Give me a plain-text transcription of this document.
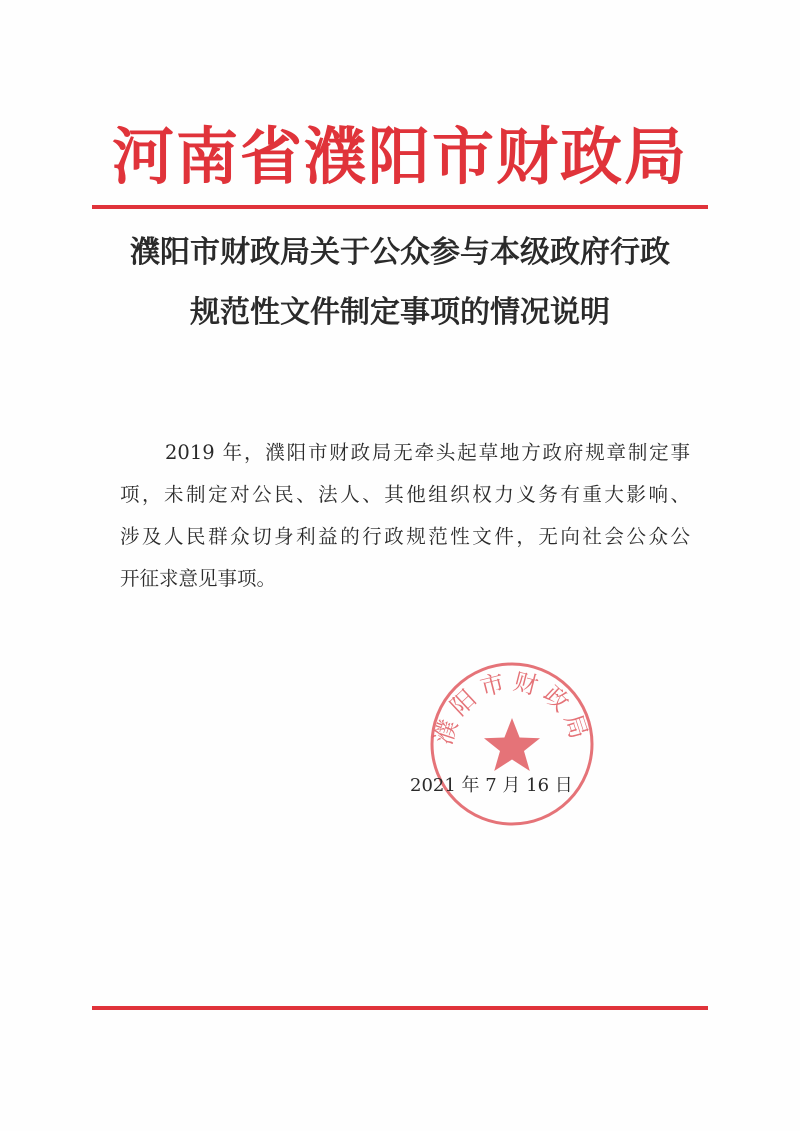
河南省濮阳市财政局
濮阳市财政局关于公众参与本级政府行政
规范性文件制定事项的情况说明
2019 年，濮阳市财政局无牵头起草地方政府规章制定事
项，未制定对公民、法人、其他组织权力义务有重大影响、
涉及人民群众切身利益的行政规范性文件，无向社会公众公
开征求意见事项。
濮阳市财政局
2021 年 7 月 16 日
